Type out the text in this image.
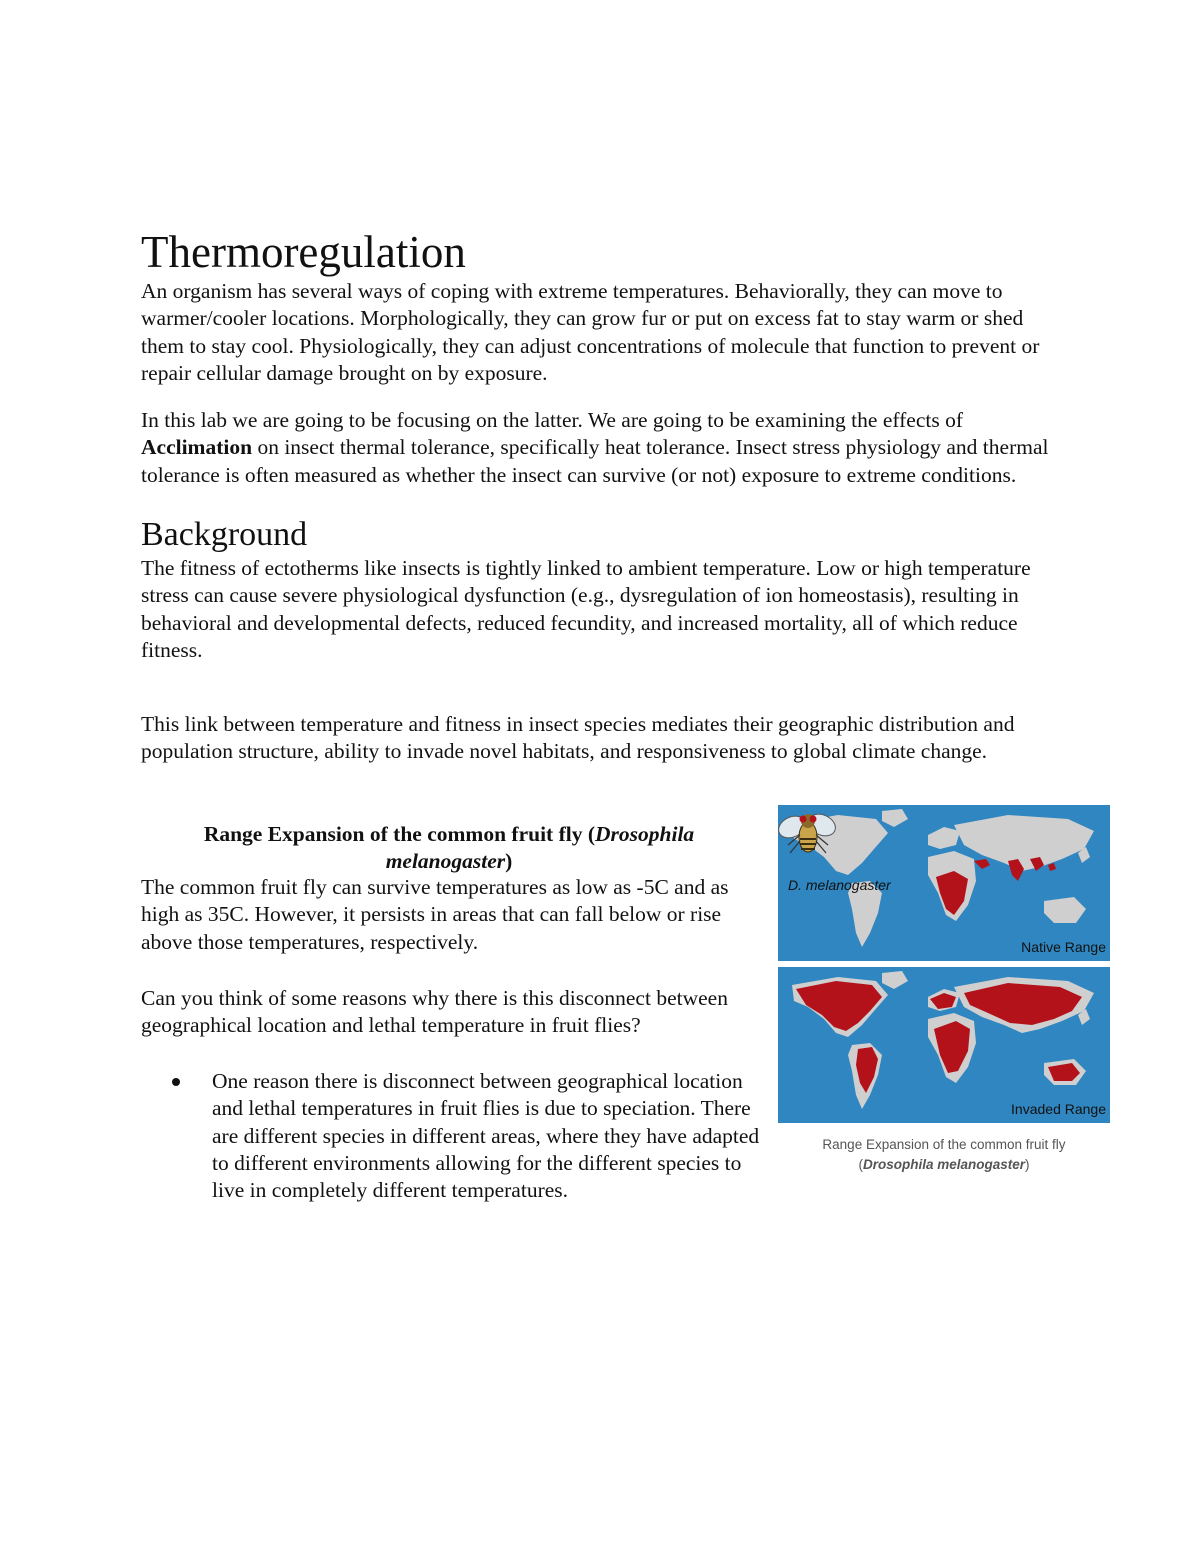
Thermoregulation

An organism has several ways of coping with extreme temperatures. Behaviorally, they can move to warmer/cooler locations. Morphologically, they can grow fur or put on excess fat to stay warm or shed them to stay cool. Physiologically, they can adjust concentrations of molecule that function to prevent or repair cellular damage brought on by exposure.

In this lab we are going to be focusing on the latter. We are going to be examining the effects of Acclimation on insect thermal tolerance, specifically heat tolerance. Insect stress physiology and thermal tolerance is often measured as whether the insect can survive (or not) exposure to extreme conditions.

Background

The fitness of ectotherms like insects is tightly linked to ambient temperature. Low or high temperature stress can cause severe physiological dysfunction (e.g., dysregulation of ion homeostasis), resulting in behavioral and developmental defects, reduced fecundity, and increased mortality, all of which reduce fitness.

This link between temperature and fitness in insect species mediates their geographic distribution and population structure, ability to invade novel habitats, and responsiveness to global climate change.

Range Expansion of the common fruit fly (Drosophila melanogaster)

The common fruit fly can survive temperatures as low as -5C and as high as 35C. However, it persists in areas that can fall below or rise above those temperatures, respectively.

Can you think of some reasons why there is this disconnect between geographical location and lethal temperature in fruit flies?

One reason there is disconnect between geographical location and lethal temperatures in fruit flies is due to speciation. There are different species in different areas, where they have adapted to different environments allowing for the different species to live in completely different temperatures.
D. melanogaster
Native Range
Invaded Range
Range Expansion of the common fruit fly
(Drosophila melanogaster)
